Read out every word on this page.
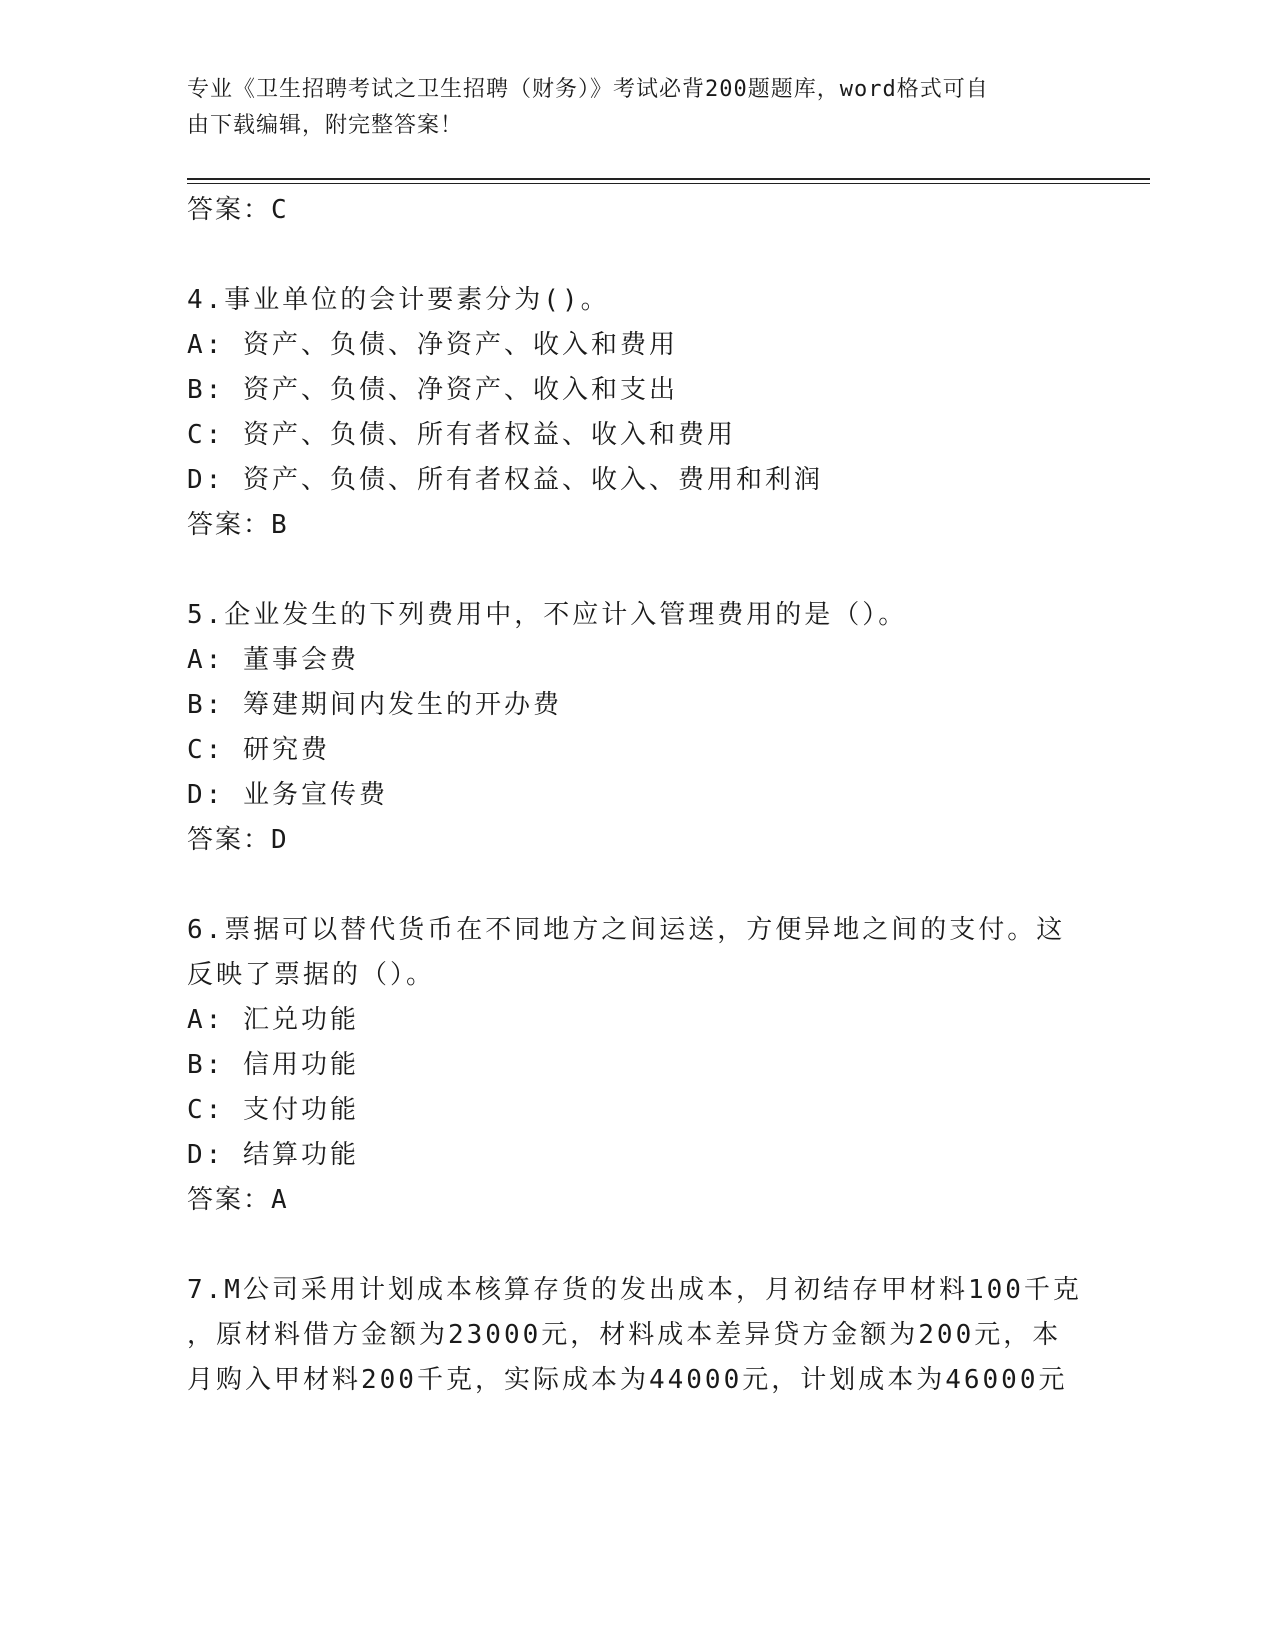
专业《卫生招聘考试之卫生招聘（财务）》考试必背200题题库，word格式可自
由下载编辑，附完整答案！
答案：C
4.事业单位的会计要素分为()。
A: 资产、负债、净资产、收入和费用
B: 资产、负债、净资产、收入和支出
C: 资产、负债、所有者权益、收入和费用
D: 资产、负债、所有者权益、收入、费用和利润
答案：B
5.企业发生的下列费用中，不应计入管理费用的是（）。
A: 董事会费
B: 筹建期间内发生的开办费
C: 研究费
D: 业务宣传费
答案：D
6.票据可以替代货币在不同地方之间运送，方便异地之间的支付。这
反映了票据的（）。
A: 汇兑功能
B: 信用功能
C: 支付功能
D: 结算功能
答案：A
7.M公司采用计划成本核算存货的发出成本，月初结存甲材料100千克
，原材料借方金额为23000元，材料成本差异贷方金额为200元，本
月购入甲材料200千克，实际成本为44000元，计划成本为46000元
